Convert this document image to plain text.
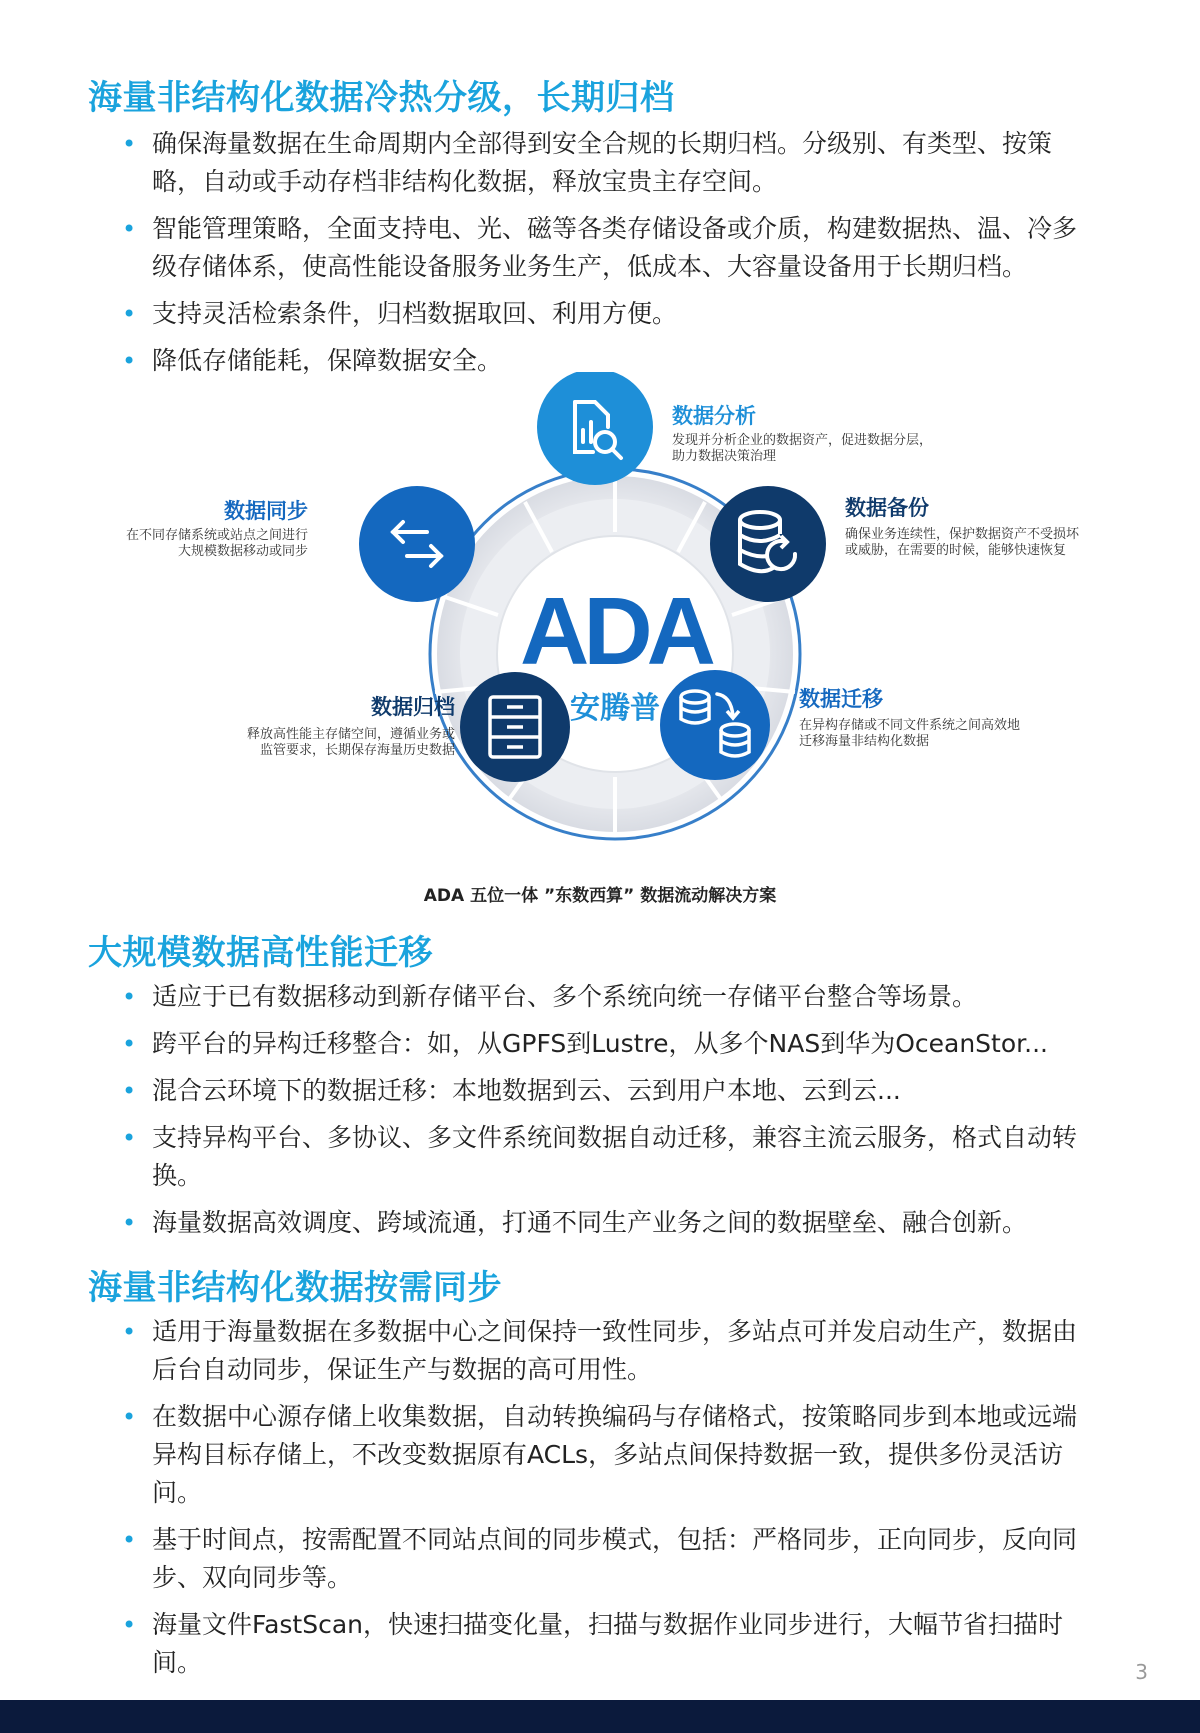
海量非结构化数据冷热分级，长期归档
• 确保海量数据在生命周期内全部得到安全合规的长期归档。分级别、有类型、按策略，自动或手动存档非结构化数据，释放宝贵主存空间。
• 智能管理策略，全面支持电、光、磁等各类存储设备或介质，构建数据热、温、冷多级存储体系，使高性能设备服务业务生产，低成本、大容量设备用于长期归档。
• 支持灵活检索条件，归档数据取回、利用方便。
• 降低存储能耗，保障数据安全。
ADA
安腾普
数据分析
发现并分析企业的数据资产，促进数据分层，
助力数据决策治理
数据备份
确保业务连续性，保护数据资产不受损坏
或威胁，在需要的时候，能够快速恢复
数据迁移
在异构存储或不同文件系统之间高效地
迁移海量非结构化数据
数据归档
释放高性能主存储空间，遵循业务或
监管要求，长期保存海量历史数据
数据同步
在不同存储系统或站点之间进行
大规模数据移动或同步

ADA 五位一体 ”东数西算” 数据流动解决方案

大规模数据高性能迁移
• 适应于已有数据移动到新存储平台、多个系统向统一存储平台整合等场景。
• 跨平台的异构迁移整合：如，从GPFS到Lustre，从多个NAS到华为OceanStor...
• 混合云环境下的数据迁移：本地数据到云、云到用户本地、云到云...
• 支持异构平台、多协议、多文件系统间数据自动迁移，兼容主流云服务，格式自动转换。
• 海量数据高效调度、跨域流通，打通不同生产业务之间的数据壁垒、融合创新。
海量非结构化数据按需同步
• 适用于海量数据在多数据中心之间保持一致性同步，多站点可并发启动生产，数据由后台自动同步，保证生产与数据的高可用性。
• 在数据中心源存储上收集数据，自动转换编码与存储格式，按策略同步到本地或远端异构目标存储上，不改变数据原有ACLs，多站点间保持数据一致，提供多份灵活访问。
• 基于时间点，按需配置不同站点间的同步模式，包括：严格同步，正向同步，反向同步、双向同步等。
• 海量文件FastScan，快速扫描变化量，扫描与数据作业同步进行，大幅节省扫描时间。	3
